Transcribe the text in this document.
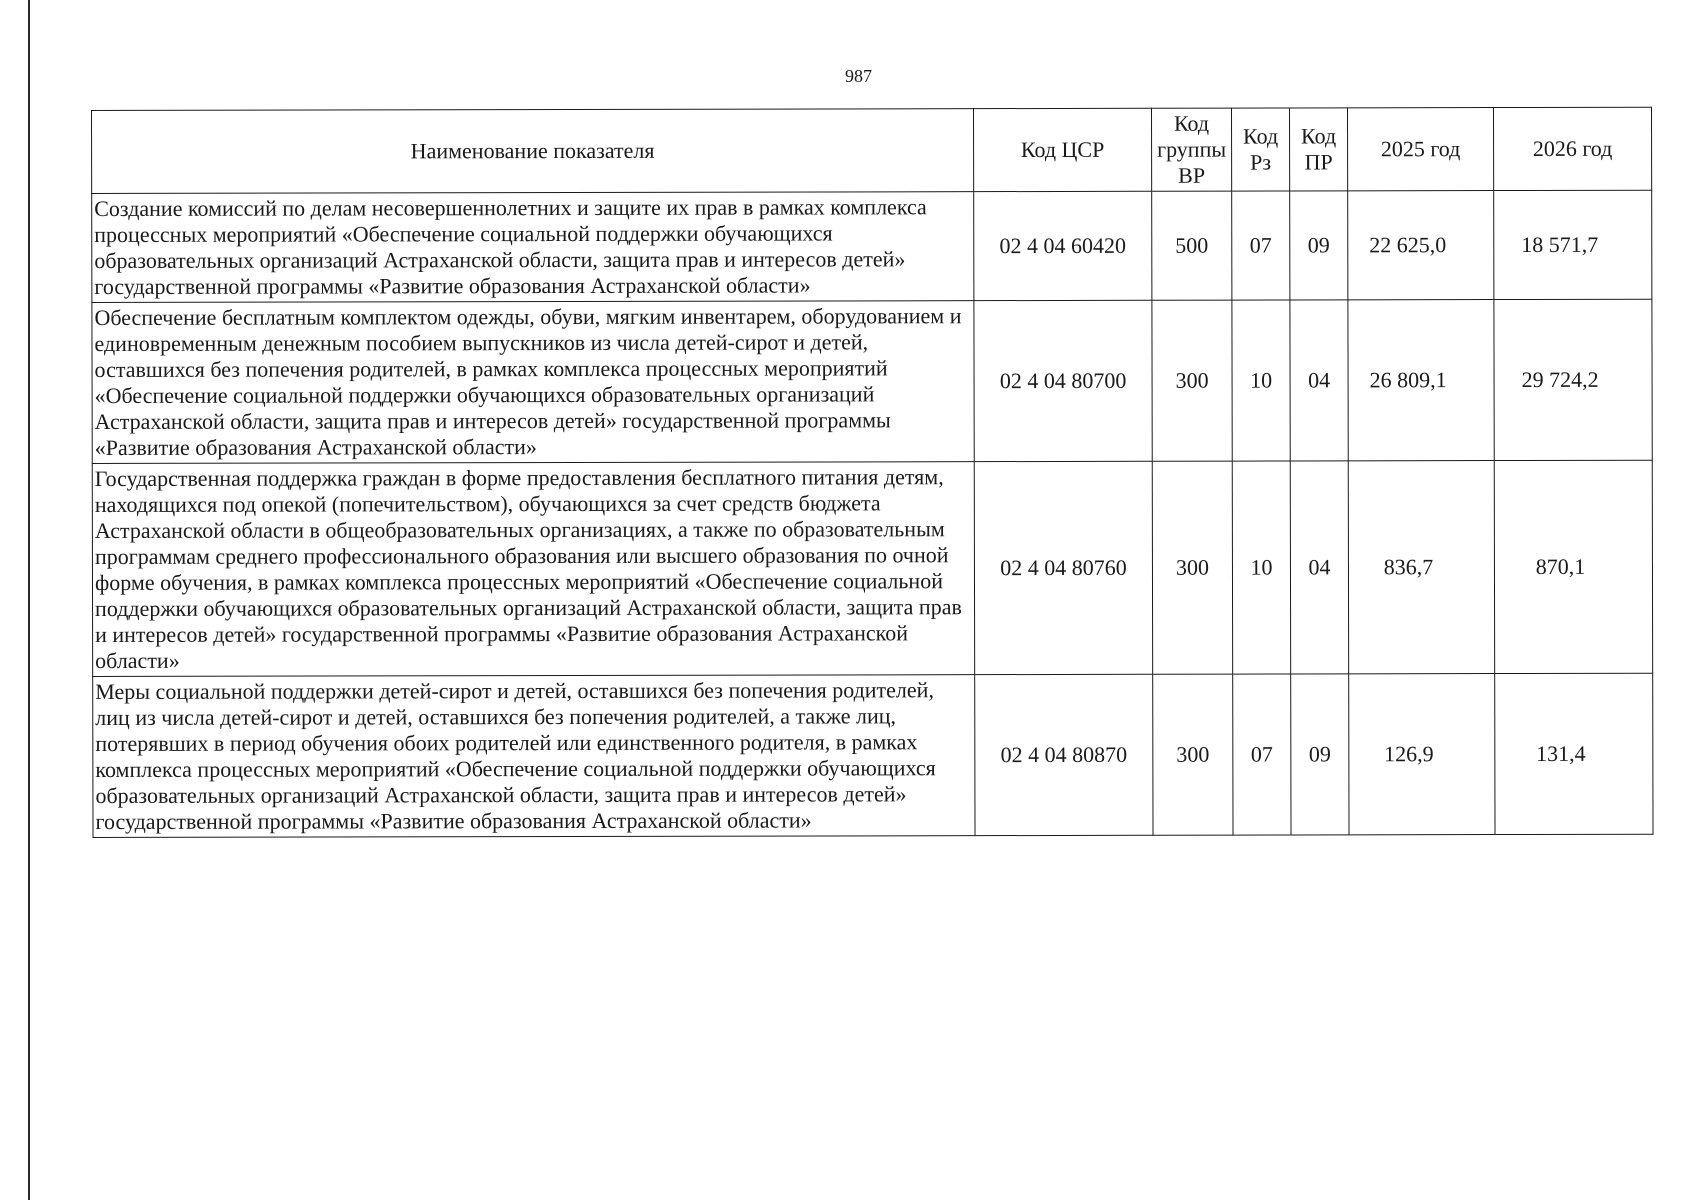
987
Наименование показателя	Код ЦСР	Код группы ВР	Код Рз	Код ПР	2025 год	2026 год
Создание комиссий по делам несовершеннолетних и защите их прав в рамках комплекса процессных мероприятий «Обеспечение социальной поддержки обучающихся образовательных организаций Астраханской области, защита прав и интересов детей» государственной программы «Развитие образования Астраханской области»	02 4 04 60420	500	07	09	22 625,0	18 571,7
Обеспечение бесплатным комплектом одежды, обуви, мягким инвентарем, оборудованием и единовременным денежным пособием выпускников из числа детей-сирот и детей, оставшихся без попечения родителей, в рамках комплекса процессных мероприятий «Обеспечение социальной поддержки обучающихся образовательных организаций Астраханской области, защита прав и интересов детей» государственной программы «Развитие образования Астраханской области»	02 4 04 80700	300	10	04	26 809,1	29 724,2
Государственная поддержка граждан в форме предоставления бесплатного питания детям, находящихся под опекой (попечительством), обучающихся за счет средств бюджета Астраханской области в общеобразовательных организациях, а также по образовательным программам среднего профессионального образования или высшего образования по очной форме обучения, в рамках комплекса процессных мероприятий «Обеспечение социальной поддержки обучающихся образовательных организаций Астраханской области, защита прав и интересов детей» государственной программы «Развитие образования Астраханской области»	02 4 04 80760	300	10	04	836,7	870,1
Меры социальной поддержки детей-сирот и детей, оставшихся без попечения родителей, лиц из числа детей-сирот и детей, оставшихся без попечения родителей, а также лиц, потерявших в период обучения обоих родителей или единственного родителя, в рамках комплекса процессных мероприятий «Обеспечение социальной поддержки обучающихся образовательных организаций Астраханской области, защита прав и интересов детей» государственной программы «Развитие образования Астраханской области»	02 4 04 80870	300	07	09	126,9	131,4
